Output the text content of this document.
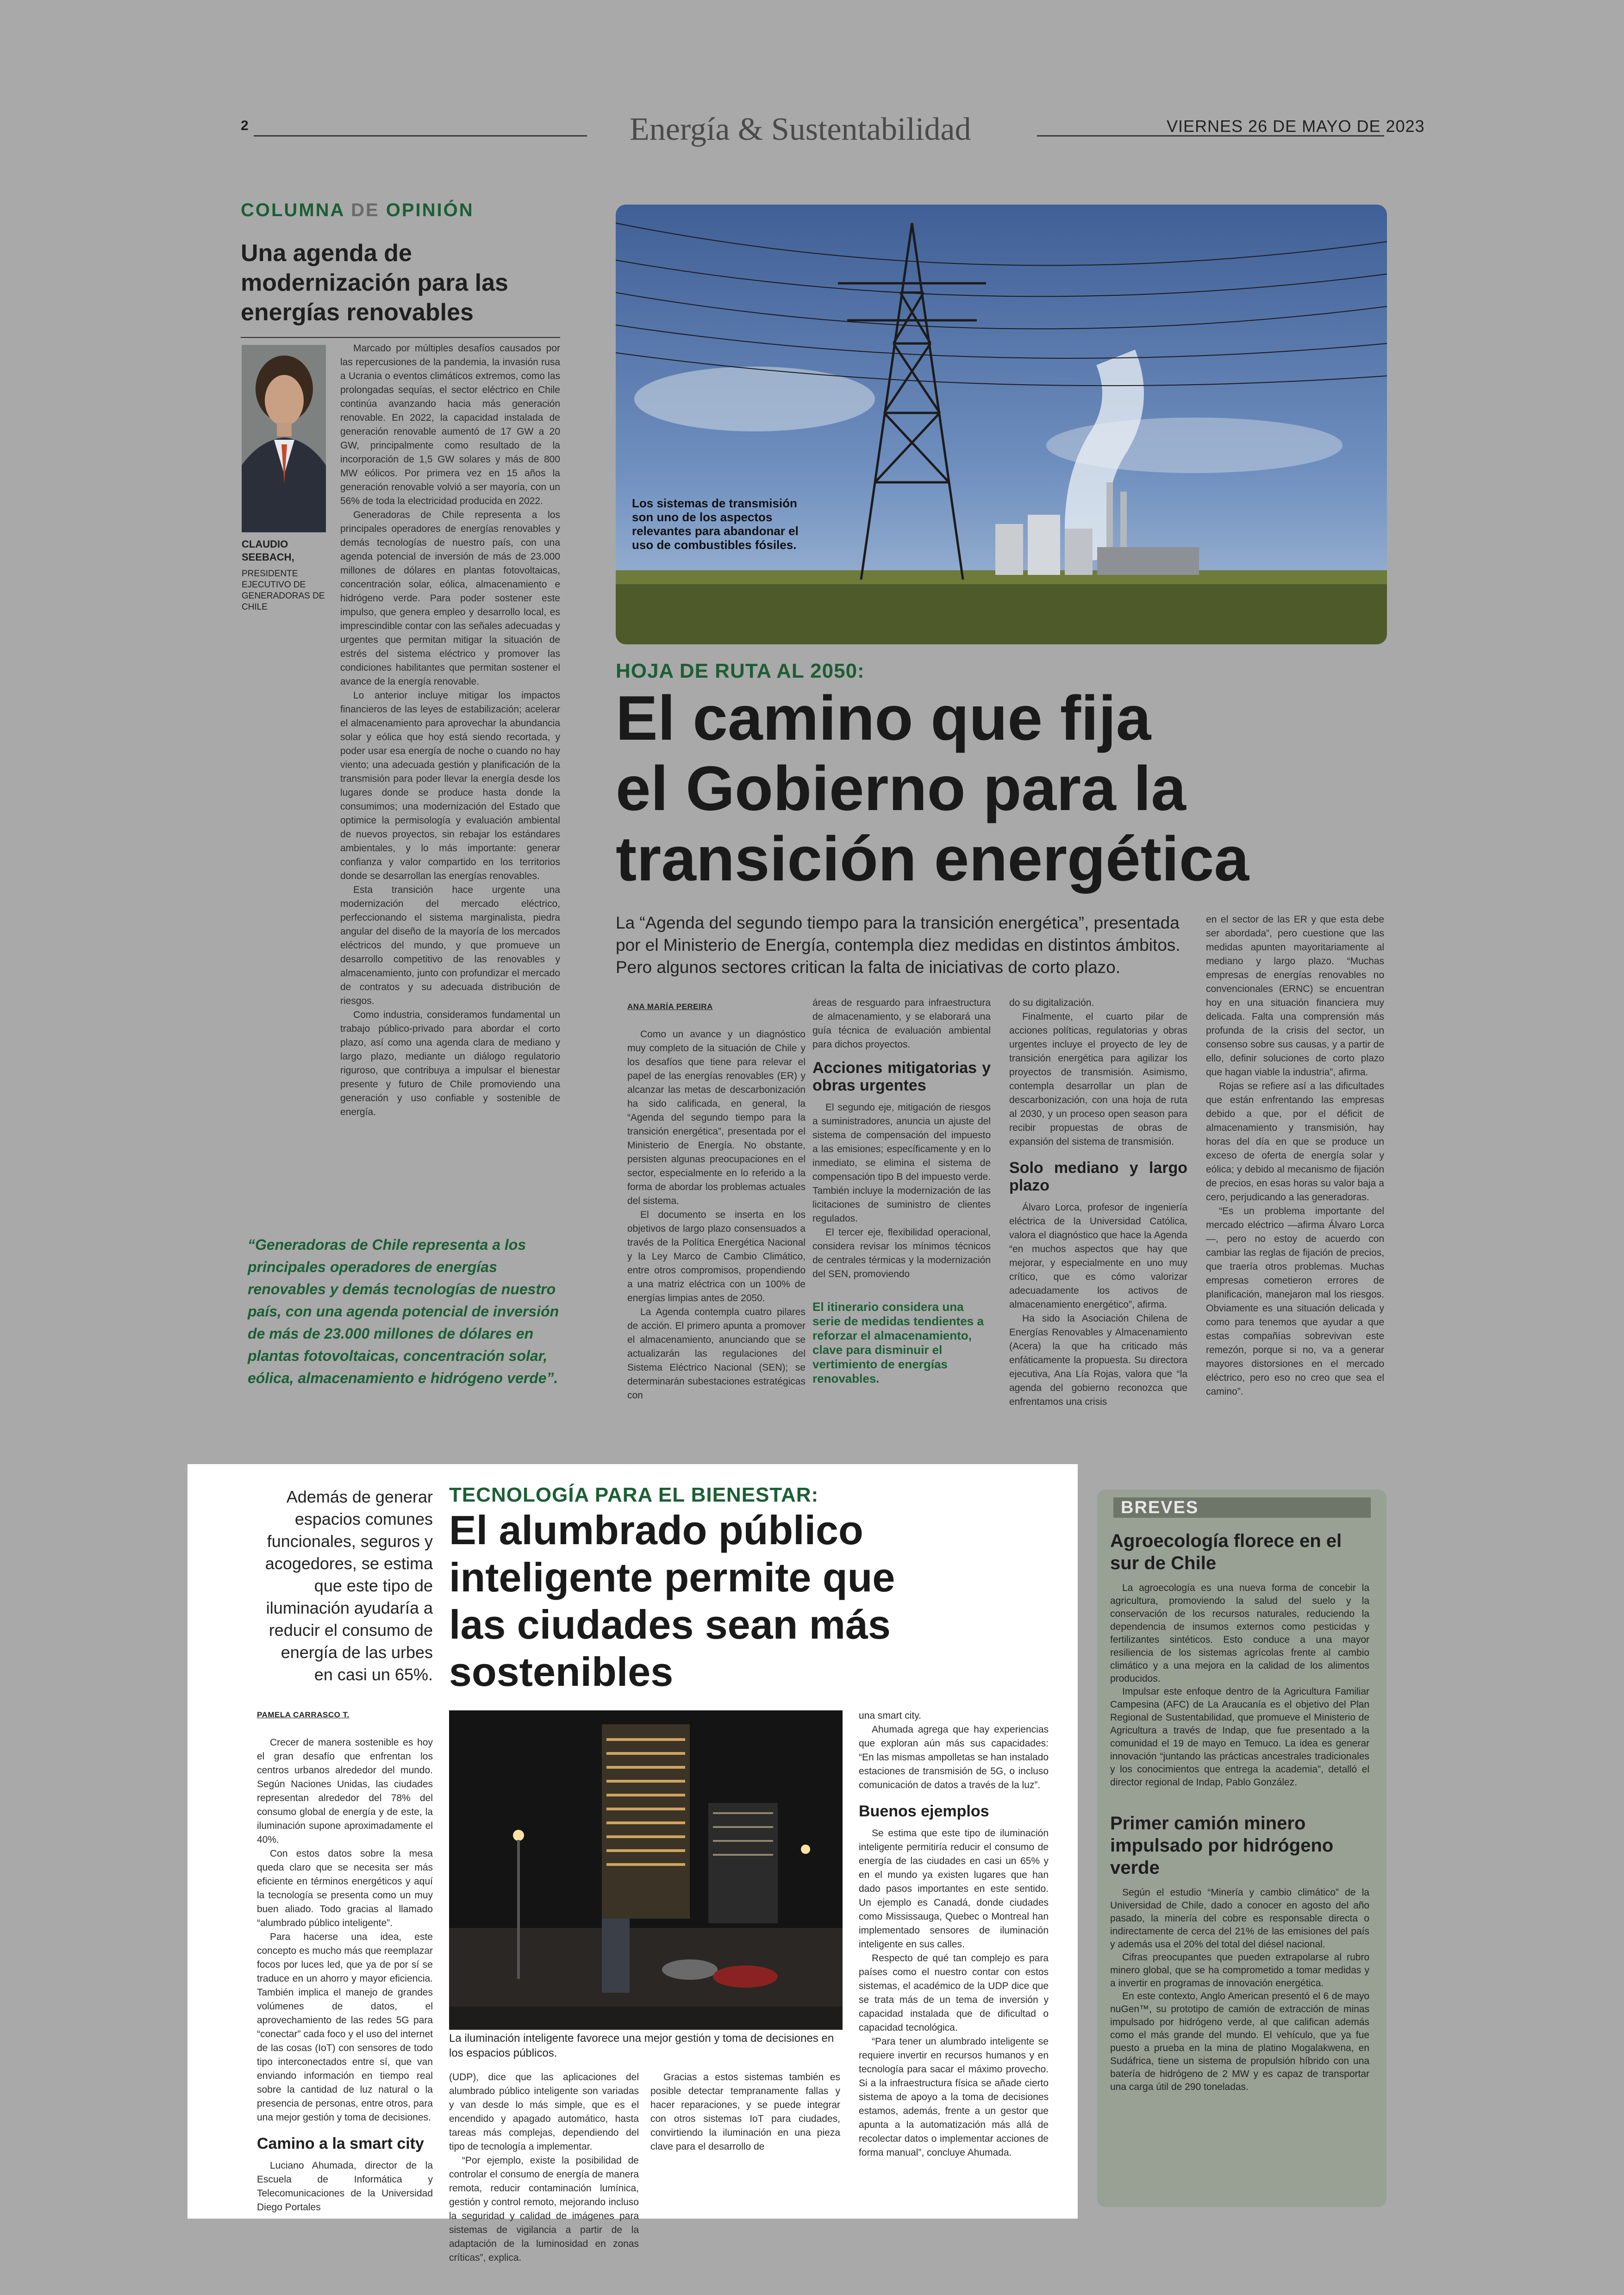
2	Energía & Sustentabilidad	VIERNES 26 DE MAYO DE 2023
COLUMNA DE OPINIÓN
Una agenda de modernización para las energías renovables
CLAUDIO
SEEBACH,
PRESIDENTE EJECUTIVO DE GENERADORAS DE CHILE

Marcado por múltiples desafíos causados por las repercusiones de la pandemia, la invasión rusa a Ucrania o eventos climáticos extremos, como las prolongadas sequías, el sector eléctrico en Chile continúa avanzando hacia más generación renovable. En 2022, la capacidad instalada de generación renovable aumentó de 17 GW a 20 GW, principalmente como resultado de la incorporación de 1,5 GW solares y más de 800 MW eólicos. Por primera vez en 15 años la generación renovable volvió a ser mayoría, con un 56% de toda la electricidad producida en 2022.

Generadoras de Chile representa a los principales operadores de energías renovables y demás tecnologías de nuestro país, con una agenda potencial de inversión de más de 23.000 millones de dólares en plantas fotovoltaicas, concentración solar, eólica, almacenamiento e hidrógeno verde. Para poder sostener este impulso, que genera empleo y desarrollo local, es imprescindible contar con las señales adecuadas y urgentes que permitan mitigar la situación de estrés del sistema eléctrico y promover las condiciones habilitantes que permitan sostener el avance de la energía renovable.

Lo anterior incluye mitigar los impactos financieros de las leyes de estabilización; acelerar el almacenamiento para aprovechar la abundancia solar y eólica que hoy está siendo recortada, y poder usar esa energía de noche o cuando no hay viento; una adecuada gestión y planificación de la transmisión para poder llevar la energía desde los lugares donde se produce hasta donde la consumimos; una modernización del Estado que optimice la permisología y evaluación ambiental de nuevos proyectos, sin rebajar los estándares ambientales, y lo más importante: generar confianza y valor compartido en los territorios donde se desarrollan las energías renovables.

Esta transición hace urgente una modernización del mercado eléctrico, perfeccionando el sistema marginalista, piedra angular del diseño de la mayoría de los mercados eléctricos del mundo, y que promueve un desarrollo competitivo de las renovables y almacenamiento, junto con profundizar el mercado de contratos y su adecuada distribución de riesgos.

Como industria, consideramos fundamental un trabajo público-privado para abordar el corto plazo, así como una agenda clara de mediano y largo plazo, mediante un diálogo regulatorio riguroso, que contribuya a impulsar el bienestar presente y futuro de Chile promoviendo una generación y uso confiable y sostenible de energía.

“Generadoras de Chile representa a los principales operadores de energías renovables y demás tecnologías de nuestro país, con una agenda potencial de inversión de más de 23.000 millones de dólares en plantas fotovoltaicas, concentración solar, eólica, almacenamiento e hidrógeno verde”.
Los sistemas de transmisión son uno de los aspectos relevantes para abandonar el uso de combustibles fósiles.
HOJA DE RUTA AL 2050:
El camino que fija
el Gobierno para la
transición energética
La “Agenda del segundo tiempo para la transición energética”, presentada por el Ministerio de Energía, contempla diez medidas en distintos ámbitos. Pero algunos sectores critican la falta de iniciativas de corto plazo.
ANA MARÍA PEREIRA

Como un avance y un diagnóstico muy completo de la situación de Chile y los desafíos que tiene para relevar el papel de las energías renovables (ER) y alcanzar las metas de descarbonización ha sido calificada, en general, la “Agenda del segundo tiempo para la transición energética”, presentada por el Ministerio de Energía. No obstante, persisten algunas preocupaciones en el sector, especialmente en lo referido a la forma de abordar los problemas actuales del sistema.

El documento se inserta en los objetivos de largo plazo consensuados a través de la Política Energética Nacional y la Ley Marco de Cambio Climático, entre otros compromisos, propendiendo a una matriz eléctrica con un 100% de energías limpias antes de 2050.

La Agenda contempla cuatro pilares de acción. El primero apunta a promover el almacenamiento, anunciando que se actualizarán las regulaciones del Sistema Eléctrico Nacional (SEN); se determinarán subestaciones estratégicas con

áreas de resguardo para infraestructura de almacenamiento, y se elaborará una guía técnica de evaluación ambiental para dichos proyectos.

Acciones mitigatorias y obras urgentes

El segundo eje, mitigación de riesgos a suministradores, anuncia un ajuste del sistema de compensación del impuesto a las emisiones; específicamente y en lo inmediato, se elimina el sistema de compensación tipo B del impuesto verde. También incluye la modernización de las licitaciones de suministro de clientes regulados.

El tercer eje, flexibilidad operacional, considera revisar los mínimos técnicos de centrales térmicas y la modernización del SEN, promoviendo

El itinerario considera una serie de medidas tendientes a reforzar el almacenamiento, clave para disminuir el vertimiento de energías renovables.

do su digitalización.

Finalmente, el cuarto pilar de acciones políticas, regulatorias y obras urgentes incluye el proyecto de ley de transición energética para agilizar los proyectos de transmisión. Asimismo, contempla desarrollar un plan de descarbonización, con una hoja de ruta al 2030, y un proceso open season para recibir propuestas de obras de expansión del sistema de transmisión.

Solo mediano y largo plazo

Álvaro Lorca, profesor de ingeniería eléctrica de la Universidad Católica, valora el diagnóstico que hace la Agenda “en muchos aspectos que hay que mejorar, y especialmente en uno muy crítico, que es cómo valorizar adecuadamente los activos de almacenamiento energético”, afirma.

Ha sido la Asociación Chilena de Energías Renovables y Almacenamiento (Acera) la que ha criticado más enfáticamente la propuesta. Su directora ejecutiva, Ana Lía Rojas, valora que “la agenda del gobierno reconozca que enfrentamos una crisis

en el sector de las ER y que esta debe ser abordada”, pero cuestione que las medidas apunten mayoritariamente al mediano y largo plazo. “Muchas empresas de energías renovables no convencionales (ERNC) se encuentran hoy en una situación financiera muy delicada. Falta una comprensión más profunda de la crisis del sector, un consenso sobre sus causas, y a partir de ello, definir soluciones de corto plazo que hagan viable la industria”, afirma.

Rojas se refiere así a las dificultades que están enfrentando las empresas debido a que, por el déficit de almacenamiento y transmisión, hay horas del día en que se produce un exceso de oferta de energía solar y eólica; y debido al mecanismo de fijación de precios, en esas horas su valor baja a cero, perjudicando a las generadoras.

“Es un problema importante del mercado eléctrico —afirma Álvaro Lorca—, pero no estoy de acuerdo con cambiar las reglas de fijación de precios, que traería otros problemas. Muchas empresas cometieron errores de planificación, manejaron mal los riesgos. Obviamente es una situación delicada y como para tenemos que ayudar a que estas compañías sobrevivan este remezón, porque si no, va a generar mayores distorsiones en el mercado eléctrico, pero eso no creo que sea el camino”.

Además de generar espacios comunes funcionales, seguros y acogedores, se estima que este tipo de iluminación ayudaría a reducir el consumo de energía de las urbes en casi un 65%.
TECNOLOGÍA PARA EL BIENESTAR:
El alumbrado público inteligente permite que las ciudades sean más sostenibles
PAMELA CARRASCO T.

Crecer de manera sostenible es hoy el gran desafío que enfrentan los centros urbanos alrededor del mundo. Según Naciones Unidas, las ciudades representan alrededor del 78% del consumo global de energía y de este, la iluminación supone aproximadamente el 40%.

Con estos datos sobre la mesa queda claro que se necesita ser más eficiente en términos energéticos y aquí la tecnología se presenta como un muy buen aliado. Todo gracias al llamado “alumbrado público inteligente”.

Para hacerse una idea, este concepto es mucho más que reemplazar focos por luces led, que ya de por sí se traduce en un ahorro y mayor eficiencia. También implica el manejo de grandes volúmenes de datos, el aprovechamiento de las redes 5G para “conectar” cada foco y el uso del internet de las cosas (IoT) con sensores de todo tipo interconectados entre sí, que van enviando información en tiempo real sobre la cantidad de luz natural o la presencia de personas, entre otros, para una mejor gestión y toma de decisiones.

Camino a la smart city

Luciano Ahumada, director de la Escuela de Informática y Telecomunicaciones de la Universidad Diego Portales

La iluminación inteligente favorece una mejor gestión y toma de decisiones en los espacios públicos.

(UDP), dice que las aplicaciones del alumbrado público inteligente son variadas y van desde lo más simple, que es el encendido y apagado automático, hasta tareas más complejas, dependiendo del tipo de tecnología a implementar.

“Por ejemplo, existe la posibilidad de controlar el consumo de energía de manera remota, reducir contaminación lumínica, gestión y control remoto, mejorando incluso la seguridad y calidad de imágenes para sistemas de vigilancia a partir de la adaptación de la luminosidad en zonas críticas”, explica.

Gracias a estos sistemas también es posible detectar tempranamente fallas y hacer reparaciones, y se puede integrar con otros sistemas IoT para ciudades, convirtiendo la iluminación en una pieza clave para el desarrollo de

una smart city.

Ahumada agrega que hay experiencias que exploran aún más sus capacidades: “En las mismas ampolletas se han instalado estaciones de transmisión de 5G, o incluso comunicación de datos a través de la luz”.

Buenos ejemplos

Se estima que este tipo de iluminación inteligente permitiría reducir el consumo de energía de las ciudades en casi un 65% y en el mundo ya existen lugares que han dado pasos importantes en este sentido. Un ejemplo es Canadá, donde ciudades como Mississauga, Quebec o Montreal han implementado sensores de iluminación inteligente en sus calles.

Respecto de qué tan complejo es para países como el nuestro contar con estos sistemas, el académico de la UDP dice que se trata más de un tema de inversión y capacidad instalada que de dificultad o capacidad tecnológica.

“Para tener un alumbrado inteligente se requiere invertir en recursos humanos y en tecnología para sacar el máximo provecho. Si a la infraestructura física se añade cierto sistema de apoyo a la toma de decisiones estamos, además, frente a un gestor que apunta a la automatización más allá de recolectar datos o implementar acciones de forma manual”, concluye Ahumada.

BREVES
Agroecología florece en el sur de Chile

La agroecología es una nueva forma de concebir la agricultura, promoviendo la salud del suelo y la conservación de los recursos naturales, reduciendo la dependencia de insumos externos como pesticidas y fertilizantes sintéticos. Esto conduce a una mayor resiliencia de los sistemas agrícolas frente al cambio climático y a una mejora en la calidad de los alimentos producidos.

Impulsar este enfoque dentro de la Agricultura Familiar Campesina (AFC) de La Araucanía es el objetivo del Plan Regional de Sustentabilidad, que promueve el Ministerio de Agricultura a través de Indap, que fue presentado a la comunidad el 19 de mayo en Temuco. La idea es generar innovación “juntando las prácticas ancestrales tradicionales y los conocimientos que entrega la academia”, detalló el director regional de Indap, Pablo González.

Primer camión minero impulsado por hidrógeno verde

Según el estudio “Minería y cambio climático” de la Universidad de Chile, dado a conocer en agosto del año pasado, la minería del cobre es responsable directa o indirectamente de cerca del 21% de las emisiones del país y además usa el 20% del total del diésel nacional.

Cifras preocupantes que pueden extrapolarse al rubro minero global, que se ha comprometido a tomar medidas y a invertir en programas de innovación energética.

En este contexto, Anglo American presentó el 6 de mayo nuGen™, su prototipo de camión de extracción de minas impulsado por hidrógeno verde, al que califican además como el más grande del mundo. El vehículo, que ya fue puesto a prueba en la mina de platino Mogalakwena, en Sudáfrica, tiene un sistema de propulsión híbrido con una batería de hidrógeno de 2 MW y es capaz de transportar una carga útil de 290 toneladas.
